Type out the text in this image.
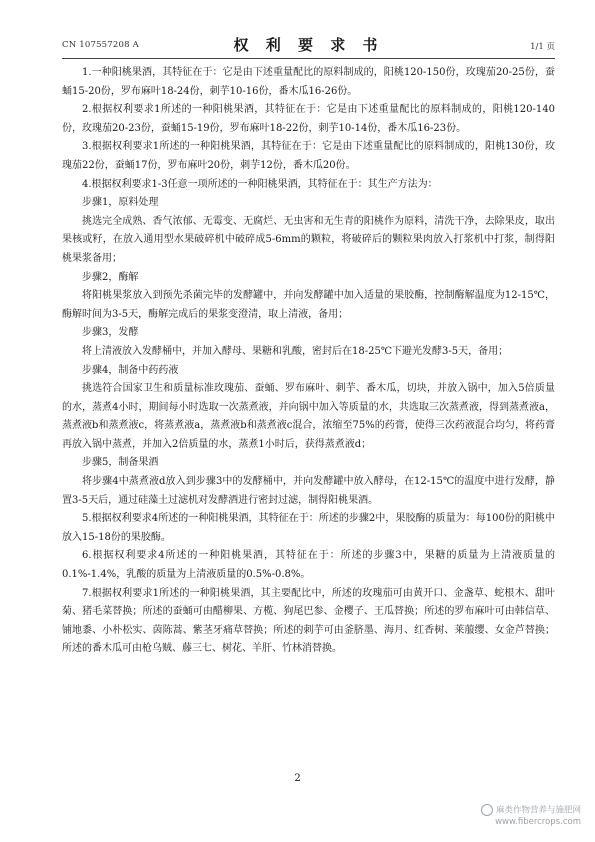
CN 107557208 A	权 利 要 求 书	1/1 页

1.一种阳桃果酒，其特征在于：它是由下述重量配比的原料制成的，阳桃120-150份，玫瑰茄20-25份，蚕蛹15-20份，罗布麻叶18-24份，刺芋10-16份，番木瓜16-26份。

2.根据权利要求1所述的一种阳桃果酒，其特征在于：它是由下述重量配比的原料制成的，阳桃120-140份，玫瑰茄20-23份，蚕蛹15-19份，罗布麻叶18-22份，刺芋10-14份，番木瓜16-23份。

3.根据权利要求1所述的一种阳桃果酒，其特征在于：它是由下述重量配比的原料制成的，阳桃130份，玫瑰茄22份，蚕蛹17份，罗布麻叶20份，刺芋12份，番木瓜20份。

4.根据权利要求1-3任意一项所述的一种阳桃果酒，其特征在于：其生产方法为：

步骤1，原料处理

挑选完全成熟、香气浓郁、无霉变、无腐烂、无虫害和无生青的阳桃作为原料，清洗干净，去除果皮，取出果核或籽，在放入通用型水果破碎机中破碎成5-6mm的颗粒，将破碎后的颗粒果肉放入打浆机中打浆，制得阳桃果浆备用；

步骤2，酶解

将阳桃果浆放入到预先杀菌完毕的发酵罐中，并向发酵罐中加入适量的果胶酶，控制酶解温度为12-15℃，酶解时间为3-5天，酶解完成后的果浆变澄清，取上清液，备用；

步骤3，发酵

将上清液放入发酵桶中，并加入酵母、果糖和乳酸，密封后在18-25℃下避光发酵3-5天，备用；

步骤4，制备中药药液

挑选符合国家卫生和质量标准玫瑰茄、蚕蛹、罗布麻叶、刺芋、番木瓜，切块，并放入锅中，加入5倍质量的水，蒸煮4小时，期间每小时选取一次蒸煮液，并向锅中加入等质量的水，共选取三次蒸煮液，得到蒸煮液a，蒸煮液b和蒸煮液c，将蒸煮液a，蒸煮液b和蒸煮液c混合，浓缩至75%的药膏，使得三次药液混合均匀，将药膏再放入锅中蒸煮，并加入2倍质量的水，蒸煮1小时后，获得蒸煮液d；

步骤5，制备果酒

将步骤4中蒸煮液d放入到步骤3中的发酵桶中，并向发酵罐中放入酵母，在12-15℃的温度中进行发酵，静置3-5天后，通过硅藻土过滤机对发酵酒进行密封过滤，制得阳桃果酒。

5.根据权利要求4所述的一种阳桃果酒，其特征在于：所述的步骤2中，果胶酶的质量为：每100份的阳桃中放入15-18份的果胶酶。

6.根据权利要求4所述的一种阳桃果酒，其特征在于：所述的步骤3中，果糖的质量为上清液质量的0.1%-1.4%，乳酸的质量为上清液质量的0.5%-0.8%。

7.根据权利要求1所述的一种阳桃果酒，其主要配比中，所述的玫瑰茄可由黄开口、金盏草、蛇根木、甜叶菊、猪毛菜替换；所述的蚕蛹可由醋柳果、方榄、狗尾巴参、金樱子、王瓜替换；所述的罗布麻叶可由韩信草、铺地黍、小朴松实、茵陈蒿、紫茎牙痛草替换；所述的刺芋可由釜脐墨、海月、红香树、莱菔缨、女金芦替换；所述的番木瓜可由枪乌贼、藤三七、树花、羊肝、竹林消替换。

2
麻类作物营养与施肥网
www.fibercrops.com
